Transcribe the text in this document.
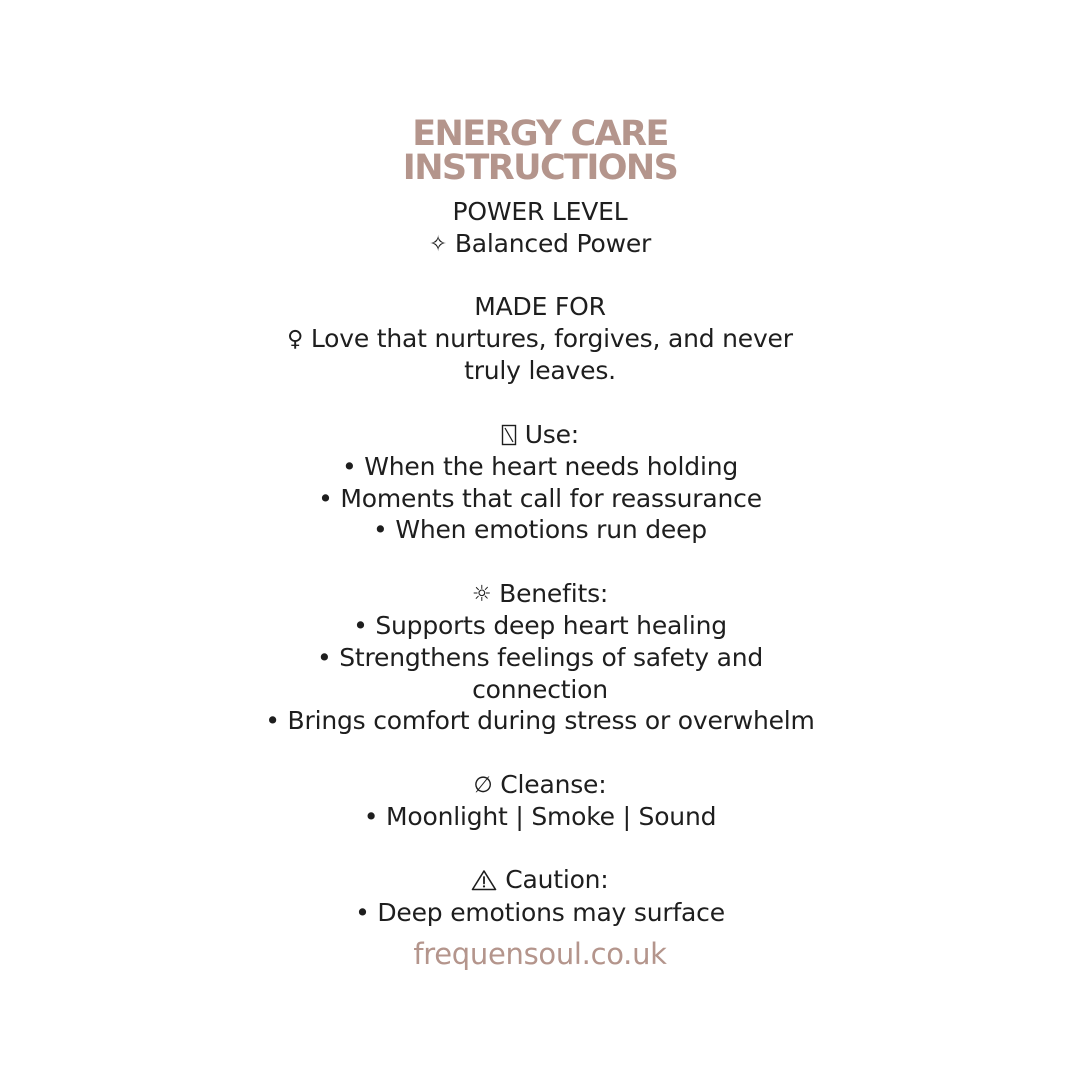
ENERGY CARE
INSTRUCTIONS
POWER LEVEL
✧ Balanced Power
MADE FOR
♀ Love that nurtures, forgives, and never
truly leaves.
Use:
• When the heart needs holding
• Moments that call for reassurance
• When emotions run deep
☼ Benefits:
• Supports deep heart healing
• Strengthens feelings of safety and
connection
• Brings comfort during stress or overwhelm
∅ Cleanse:
• Moonlight | Smoke | Sound
Caution:
• Deep emotions may surface
frequensoul.co.uk
